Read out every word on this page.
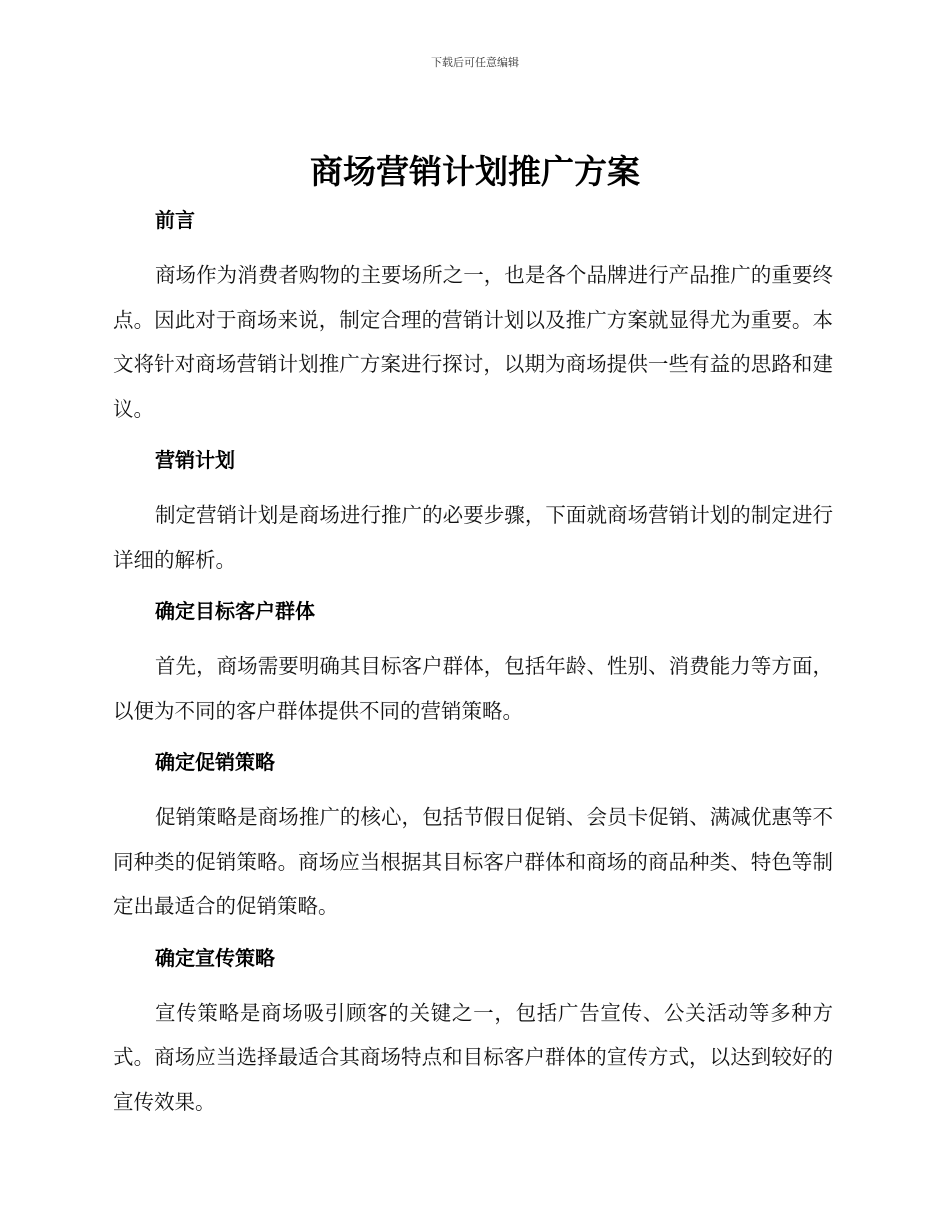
下载后可任意编辑
商场营销计划推广方案
前言

商场作为消费者购物的主要场所之一，也是各个品牌进行产品推广的重要终点。因此对于商场来说，制定合理的营销计划以及推广方案就显得尤为重要。本文将针对商场营销计划推广方案进行探讨，以期为商场提供一些有益的思路和建议。

营销计划

制定营销计划是商场进行推广的必要步骤，下面就商场营销计划的制定进行详细的解析。

确定目标客户群体

首先，商场需要明确其目标客户群体，包括年龄、性别、消费能力等方面，以便为不同的客户群体提供不同的营销策略。

确定促销策略

促销策略是商场推广的核心，包括节假日促销、会员卡促销、满减优惠等不同种类的促销策略。商场应当根据其目标客户群体和商场的商品种类、特色等制定出最适合的促销策略。

确定宣传策略

宣传策略是商场吸引顾客的关键之一，包括广告宣传、公关活动等多种方式。商场应当选择最适合其商场特点和目标客户群体的宣传方式，以达到较好的宣传效果。
